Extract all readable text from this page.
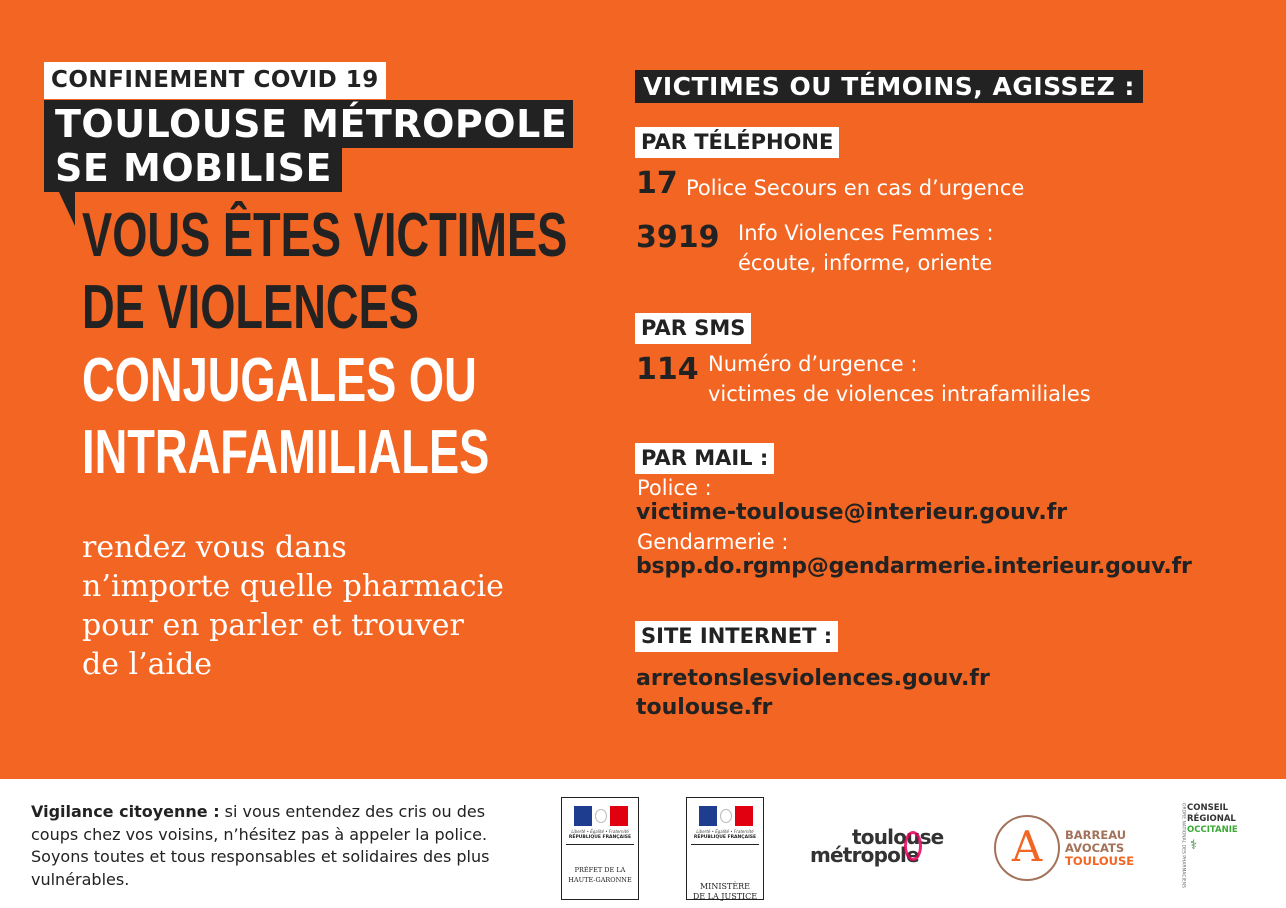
CONFINEMENT COVID 19
TOULOUSE MÉTROPOLE
SE MOBILISE
VOUS ÊTES VICTIMES
DE VIOLENCES
CONJUGALES OU
INTRAFAMILIALES
rendez vous dans
n’importe quelle pharmacie
pour en parler et trouver
de l’aide
VICTIMES OU TÉMOINS, AGISSEZ :
PAR TÉLÉPHONE
17 Police Secours en cas d’urgence
3919 Info Violences Femmes :
écoute, informe, oriente
PAR SMS
114 Numéro d’urgence :
victimes de violences intrafamiliales
PAR MAIL :
Police :
victime-toulouse@interieur.gouv.fr
Gendarmerie :
bspp.do.rgmp@gendarmerie.interieur.gouv.fr
SITE INTERNET :
arretonslesviolences.gouv.fr
toulouse.fr
Vigilance citoyenne : si vous entendez des cris ou des coups chez vos voisins, n’hésitez pas à appeler la police. Soyons toutes et tous responsables et solidaires des plus vulnérables.
Liberté • Égalité • Fraternité
RÉPUBLIQUE FRANÇAISE
PRÉFET DE LA
HAUTE-GARONNE
Liberté • Égalité • Fraternité
RÉPUBLIQUE FRANÇAISE
MINISTÈRE
DE LA JUSTICE
toulouse
métropole	A	BARREAU
AVOCATS
TOULOUSE	ORDRE NATIONAL DES PHARMACIENS CONSEIL
RÉGIONAL
OCCITANIE
⚕
